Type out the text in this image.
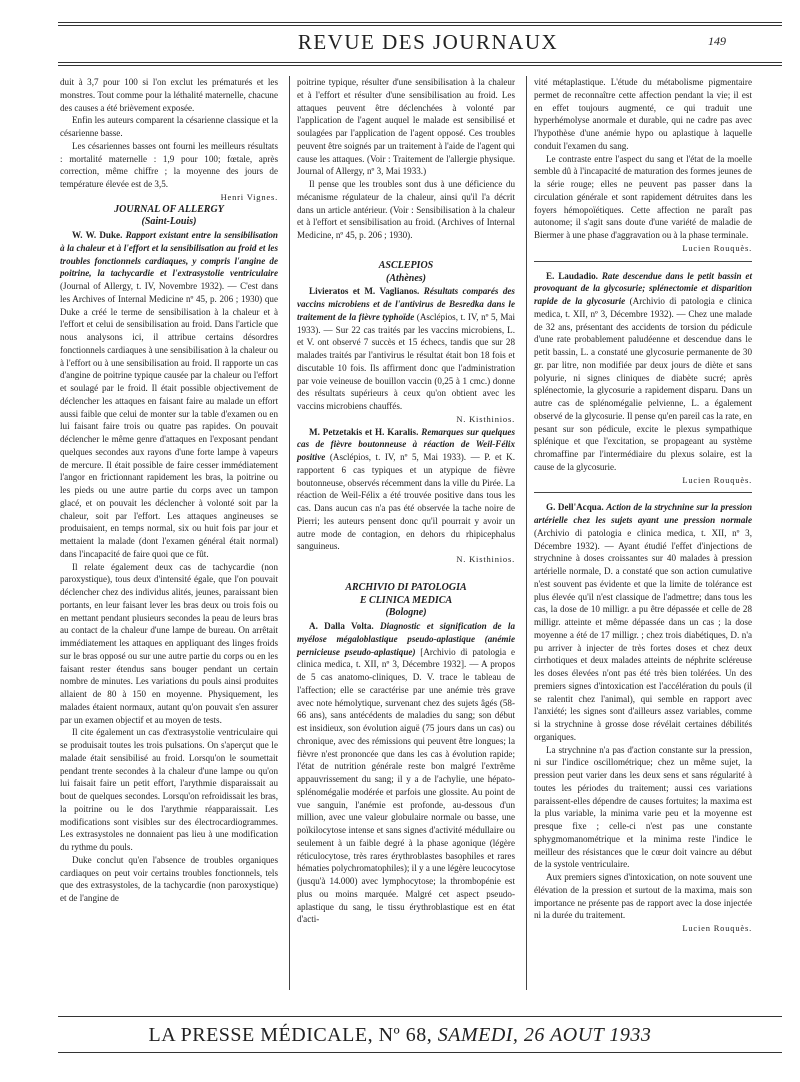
REVUE DES JOURNAUX	149

duit à 3,7 pour 100 si l'on exclut les prématurés et les monstres. Tout comme pour la léthalité maternelle, chacune des causes a été brièvement exposée.

Enfin les auteurs comparent la césarienne classique et la césarienne basse.

Les césariennes basses ont fourni les meilleurs résultats : mortalité maternelle : 1,9 pour 100; fœtale, après correction, même chiffre ; la moyenne des jours de température élevée est de 3,5.

Henri Vignes.

JOURNAL OF ALLERGY

(Saint-Louis)

W. W. Duke. Rapport existant entre la sensibilisation à la chaleur et à l'effort et la sensibilisation au froid et les troubles fonctionnels cardiaques, y compris l'angine de poitrine, la tachycardie et l'extrasystolie ventriculaire (Journal of Allergy, t. IV, Novembre 1932). — C'est dans les Archives of Internal Medicine nº 45, p. 206 ; 1930) que Duke a créé le terme de sensibilisation à la chaleur et à l'effort et celui de sensibilisation au froid. Dans l'article que nous analysons ici, il attribue certains désordres fonctionnels cardiaques à une sensibilisation à la chaleur ou à l'effort ou à une sensibilisation au froid. Il rapporte un cas d'angine de poitrine typique causée par la chaleur ou l'effort et soulagé par le froid. Il était possible objectivement de déclencher les attaques en faisant faire au malade un effort aussi faible que celui de monter sur la table d'examen ou en lui faisant faire trois ou quatre pas rapides. On pouvait déclencher le même genre d'attaques en l'exposant pendant quelques secondes aux rayons d'une forte lampe à vapeurs de mercure. Il était possible de faire cesser immédiatement l'angor en frictionnant rapidement les bras, la poitrine ou les pieds ou une autre partie du corps avec un tampon glacé, et on pouvait les déclencher à volonté soit par la chaleur, soit par l'effort. Les attaques angineuses se produisaient, en temps normal, six ou huit fois par jour et mettaient la malade (dont l'examen général était normal) dans l'incapacité de faire quoi que ce fût.

Il relate également deux cas de tachycardie (non paroxystique), tous deux d'intensité égale, que l'on pouvait déclencher chez des individus alités, jeunes, paraissant bien portants, en leur faisant lever les bras deux ou trois fois ou en mettant pendant plusieurs secondes la peau de leurs bras au contact de la chaleur d'une lampe de bureau. On arrêtait immédiatement les attaques en appliquant des linges froids sur le bras opposé ou sur une autre partie du corps ou en les faisant rester étendus sans bouger pendant un certain nombre de minutes. Les variations du pouls ainsi produites allaient de 80 à 150 en moyenne. Physiquement, les malades étaient normaux, autant qu'on pouvait s'en assurer par un examen objectif et au moyen de tests.

Il cite également un cas d'extrasystolie ventriculaire qui se produisait toutes les trois pulsations. On s'aperçut que le malade était sensibilisé au froid. Lorsqu'on le soumettait pendant trente secondes à la chaleur d'une lampe ou qu'on lui faisait faire un petit effort, l'arythmie disparaissait au bout de quelques secondes. Lorsqu'on refroidissait les bras, la poitrine ou le dos l'arythmie réapparaissait. Les modifications sont visibles sur des électrocardiogrammes. Les extrasystoles ne donnaient pas lieu à une modification du rythme du pouls.

Duke conclut qu'en l'absence de troubles organiques cardiaques on peut voir certains troubles fonctionnels, tels que des extrasystoles, de la tachycardie (non paroxystique) et de l'angine de

poitrine typique, résulter d'une sensibilisation à la chaleur et à l'effort et résulter d'une sensibilisation au froid. Les attaques peuvent être déclenchées à volonté par l'application de l'agent auquel le malade est sensibilisé et soulagées par l'application de l'agent opposé. Ces troubles peuvent être soignés par un traitement à l'aide de l'agent qui cause les attaques. (Voir : Traitement de l'allergie physique. Journal of Allergy, nº 3, Mai 1933.)

Il pense que les troubles sont dus à une déficience du mécanisme régulateur de la chaleur, ainsi qu'il l'a décrit dans un article antérieur. (Voir : Sensibilisation à la chaleur et à l'effort et sensibilisation au froid. (Archives of Internal Medicine, nº 45, p. 206 ; 1930).

ASCLEPIOS

(Athènes)

Livieratos et M. Vaglianos. Résultats comparés des vaccins microbiens et de l'antivirus de Besredka dans le traitement de la fièvre typhoïde (Asclépios, t. IV, nº 5, Mai 1933). — Sur 22 cas traités par les vaccins microbiens, L. et V. ont observé 7 succès et 15 échecs, tandis que sur 28 malades traités par l'antivirus le résultat était bon 18 fois et discutable 10 fois. Ils affirment donc que l'administration par voie veineuse de bouillon vaccin (0,25 à 1 cmc.) donne des résultats supérieurs à ceux qu'on obtient avec les vaccins microbiens chauffés.

N. Kisthinios.

M. Petzetakis et H. Karalis. Remarques sur quelques cas de fièvre boutonneuse à réaction de Weil-Félix positive (Asclépios, t. IV, nº 5, Mai 1933). — P. et K. rapportent 6 cas typiques et un atypique de fièvre boutonneuse, observés récemment dans la ville du Pirée. La réaction de Weil-Félix a été trouvée positive dans tous les cas. Dans aucun cas n'a pas été observée la tache noire de Pierri; les auteurs pensent donc qu'il pourrait y avoir un autre mode de contagion, en dehors du rhipicephalus sanguineus.

N. Kisthinios.

ARCHIVIO DI PATOLOGIA

E CLINICA MEDICA

(Bologne)

A. Dalla Volta. Diagnostic et signification de la myélose mégaloblastique pseudo-aplastique (anémie pernicieuse pseudo-aplastique) [Archivio di patologia e clinica medica, t. XII, nº 3, Décembre 1932]. — A propos de 5 cas anatomo-cliniques, D. V. trace le tableau de l'affection; elle se caractérise par une anémie très grave avec note hémolytique, survenant chez des sujets âgés (58-66 ans), sans antécédents de maladies du sang; son début est insidieux, son évolution aiguë (75 jours dans un cas) ou chronique, avec des rémissions qui peuvent être longues; la fièvre n'est prononcée que dans les cas à évolution rapide; l'état de nutrition générale reste bon malgré l'extrême appauvrissement du sang; il y a de l'achylie, une hépato-splénomégalie modérée et parfois une glossite. Au point de vue sanguin, l'anémie est profonde, au-dessous d'un million, avec une valeur globulaire normale ou basse, une poïkilocytose intense et sans signes d'activité médullaire ou seulement à un faible degré à la phase agonique (légère réticulocytose, très rares érythroblastes basophiles et rares hématies polychromatophiles); il y a une légère leucocytose (jusqu'à 14.000) avec lymphocytose; la thrombopénie est plus ou moins marquée. Malgré cet aspect pseudo-aplastique du sang, le tissu érythroblastique est en état d'acti-

vité métaplastique. L'étude du métabolisme pigmentaire permet de reconnaître cette affection pendant la vie; il est en effet toujours augmenté, ce qui traduit une hyperhémolyse anormale et durable, qui ne cadre pas avec l'hypothèse d'une anémie hypo ou aplastique à laquelle conduit l'examen du sang.

Le contraste entre l'aspect du sang et l'état de la moelle semble dû à l'incapacité de maturation des formes jeunes de la série rouge; elles ne peuvent pas passer dans la circulation générale et sont rapidement détruites dans les foyers hémopoïétiques. Cette affection ne paraît pas autonome; il s'agit sans doute d'une variété de maladie de Biermer à une phase d'aggravation ou à la phase terminale.

Lucien Rouquès.

E. Laudadio. Rate descendue dans le petit bassin et provoquant de la glycosurie; splénectomie et disparition rapide de la glycosurie (Archivio di patologia e clinica medica, t. XII, nº 3, Décembre 1932). — Chez une malade de 32 ans, présentant des accidents de torsion du pédicule d'une rate probablement paludéenne et descendue dans le petit bassin, L. a constaté une glycosurie permanente de 30 gr. par litre, non modifiée par deux jours de diète et sans polyurie, ni signes cliniques de diabète sucré; après splénectomie, la glycosurie a rapidement disparu. Dans un autre cas de splénomégalie pelvienne, L. a également observé de la glycosurie. Il pense qu'en pareil cas la rate, en pesant sur son pédicule, excite le plexus sympathique splénique et que l'excitation, se propageant au système chromaffine par l'intermédiaire du plexus solaire, est la cause de la glycosurie.

Lucien Rouquès.

G. Dell'Acqua. Action de la strychnine sur la pression artérielle chez les sujets ayant une pression normale (Archivio di patologia e clinica medica, t. XII, nº 3, Décembre 1932). — Ayant étudié l'effet d'injections de strychnine à doses croissantes sur 40 malades à pression artérielle normale, D. a constaté que son action cumulative n'est souvent pas évidente et que la limite de tolérance est plus élevée qu'il n'est classique de l'admettre; dans tous les cas, la dose de 10 milligr. a pu être dépassée et celle de 28 milligr. atteinte et même dépassée dans un cas ; la dose moyenne a été de 17 milligr. ; chez trois diabétiques, D. n'a pu arriver à injecter de très fortes doses et chez deux cirrhotiques et deux malades atteints de néphrite scléreuse les doses élevées n'ont pas été très bien tolérées. Un des premiers signes d'intoxication est l'accélération du pouls (il se ralentit chez l'animal), qui semble en rapport avec l'anxiété; les signes sont d'ailleurs assez variables, comme si la strychnine à grosse dose révélait certaines débilités organiques.

La strychnine n'a pas d'action constante sur la pression, ni sur l'indice oscillométrique; chez un même sujet, la pression peut varier dans les deux sens et sans régularité à toutes les périodes du traitement; aussi ces variations paraissent-elles dépendre de causes fortuites; la maxima est la plus variable, la minima varie peu et la moyenne est presque fixe ; celle-ci n'est pas une constante sphygmomanométrique et la minima reste l'indice le meilleur des résistances que le cœur doit vaincre au début de la systole ventriculaire.

Aux premiers signes d'intoxication, on note souvent une élévation de la pression et surtout de la maxima, mais son importance ne présente pas de rapport avec la dose injectée ni la durée du traitement.

Lucien Rouquès.

LA PRESSE MÉDICALE, Nº 68, SAMEDI, 26 AOUT 1933
